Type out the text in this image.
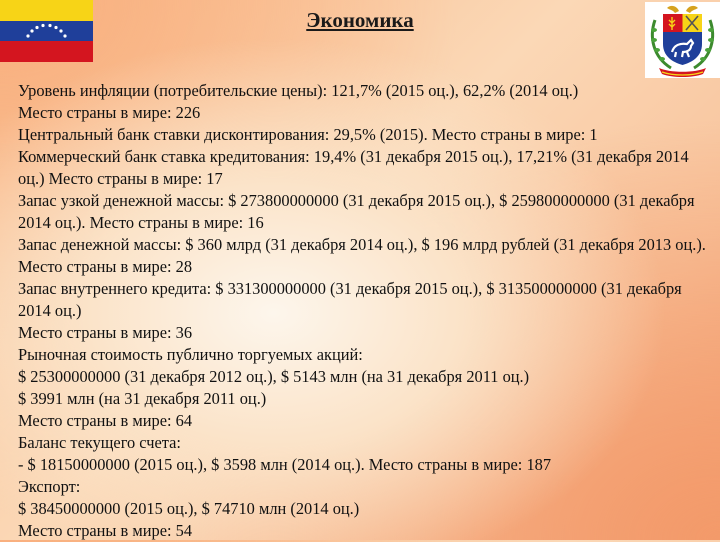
Экономика

Уровень инфляции (потребительские цены): 121,7% (2015 оц.), 62,2% (2014 оц.)

Место страны в мире: 226

Центральный банк ставки дисконтирования: 29,5% (2015). Место страны в мире: 1

Коммерческий банк ставка кредитования: 19,4% (31 декабря 2015 оц.), 17,21% (31 декабря 2014 оц.) Место страны в мире: 17

Запас узкой денежной массы: $ 273800000000 (31 декабря 2015 оц.), $ 259800000000 (31 декабря 2014 оц.). Место страны в мире: 16

Запас денежной массы: $ 360 млрд (31 декабря 2014 оц.), $ 196 млрд рублей (31 декабря 2013 оц.). Место страны в мире: 28

Запас внутреннего кредита: $ 331300000000 (31 декабря 2015 оц.), $ 313500000000 (31 декабря 2014 оц.)

Место страны в мире: 36

Рыночная стоимость публично торгуемых акций:

$ 25300000000 (31 декабря 2012 оц.), $ 5143 млн (на 31 декабря 2011 оц.)

$ 3991 млн (на 31 декабря 2011 оц.)

Место страны в мире: 64

Баланс текущего счета:

- $ 18150000000 (2015 оц.), $ 3598 млн (2014 оц.). Место страны в мире: 187

Экспорт:

$ 38450000000 (2015 оц.), $ 74710 млн (2014 оц.)

Место страны в мире: 54
